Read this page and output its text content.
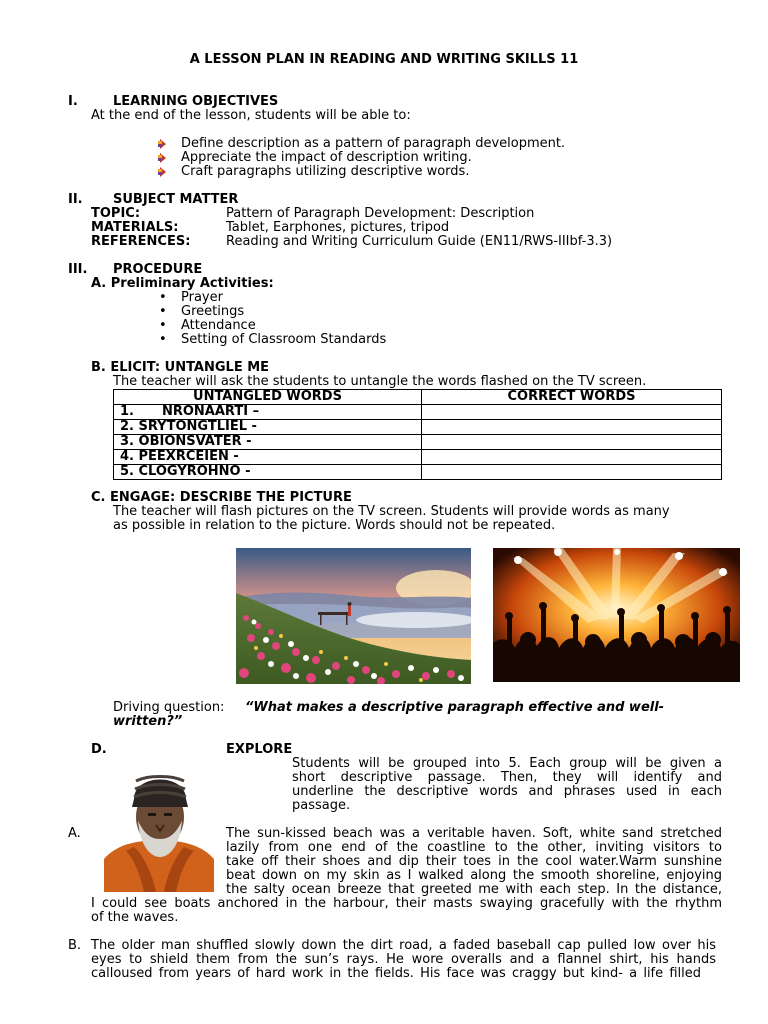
A LESSON PLAN IN READING AND WRITING SKILLS 11
I.	LEARNING OBJECTIVES
At the end of the lesson, students will be able to:
Define description as a pattern of paragraph development.
Appreciate the impact of description writing.
Craft paragraphs utilizing descriptive words.
II. SUBJECT MATTER
TOPIC:	Pattern of Paragraph Development: Description
MATERIALS:	Tablet, Earphones, pictures, tripod
REFERENCES:	Reading and Writing Curriculum Guide (EN11/RWS-IIIbf-3.3)
III. PROCEDURE
A. Preliminary Activities:
• Prayer
• Greetings
• Attendance
• Setting of Classroom Standards
B. ELICIT: UNTANGLE ME
The teacher will ask the students to untangle the words flashed on the TV screen.
UNTANGLED WORDS	CORRECT WORDS
1. NRONAARTI –	
2. SRYTONGTLIEL -	
3. OBIONSVATER -	
4. PEEXRCEIEN -	
5. CLOGYROHNO -	
C. ENGAGE: DESCRIBE THE PICTURE
The teacher will flash pictures on the TV screen. Students will provide words as many
as possible in relation to the picture. Words should not be repeated.
Driving question: “What makes a descriptive paragraph effective and well-
written?”
D.	EXPLORE
Students will be grouped into 5. Each group will be given a
short descriptive passage. Then, they will identify and
underline the descriptive words and phrases used in each
passage.
A.	The sun-kissed beach was a veritable haven. Soft, white sand stretched
lazily from one end of the coastline to the other, inviting visitors to
take off their shoes and dip their toes in the cool water.Warm sunshine
beat down on my skin as I walked along the smooth shoreline, enjoying
the salty ocean breeze that greeted me with each step. In the distance,
I could see boats anchored in the harbour, their masts swaying gracefully with the rhythm
of the waves.
B. The older man shuffled slowly down the dirt road, a faded baseball cap pulled low over his
eyes to shield them from the sun’s rays. He wore overalls and a flannel shirt, his hands
calloused from years of hard work in the fields. His face was craggy but kind- a life filled
